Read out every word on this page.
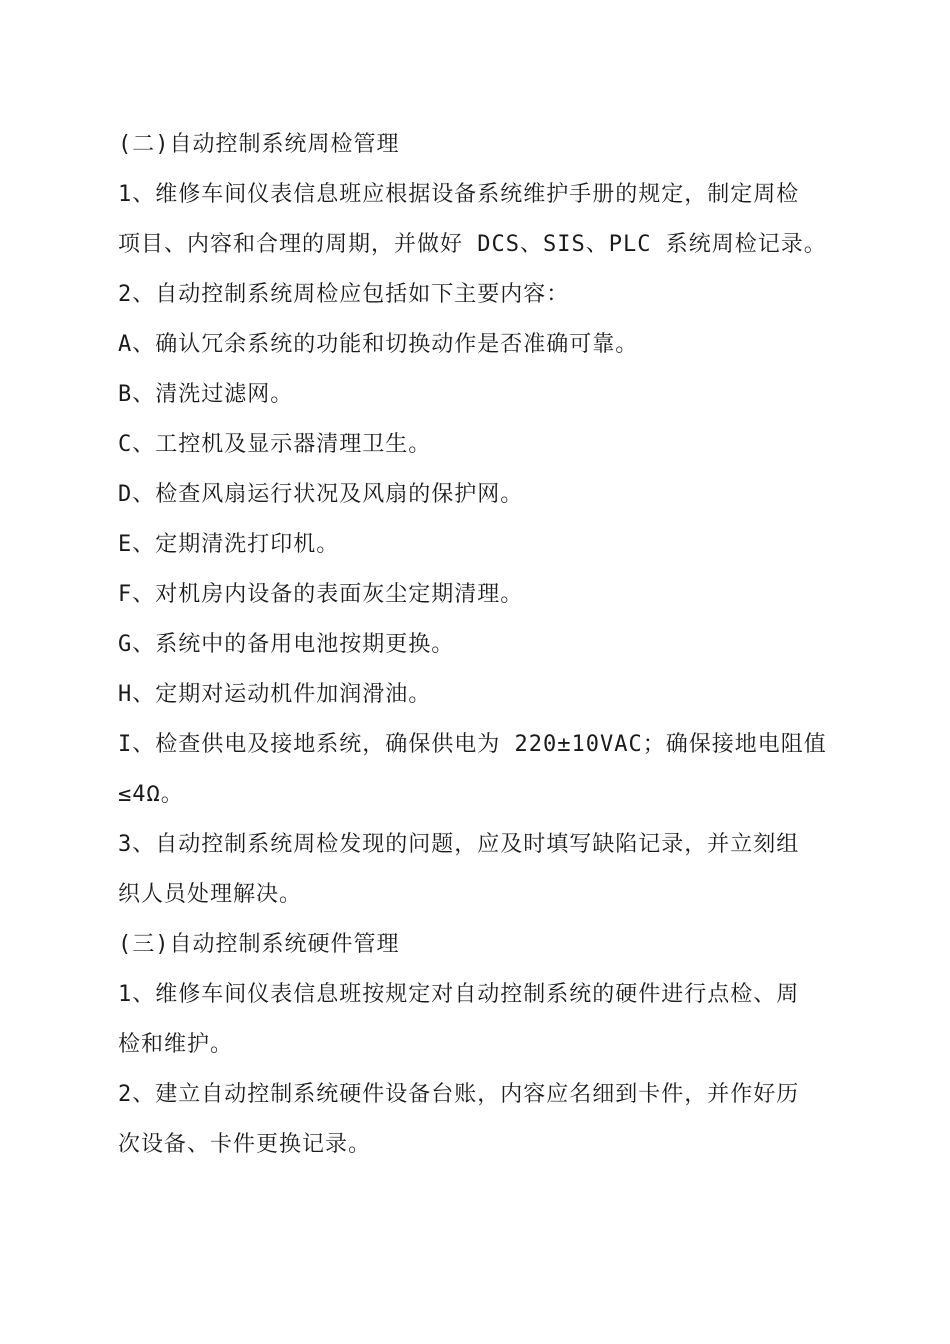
(二)自动控制系统周检管理
1、维修车间仪表信息班应根据设备系统维护手册的规定，制定周检
项目、内容和合理的周期，并做好 DCS、SIS、PLC 系统周检记录。
2、自动控制系统周检应包括如下主要内容：
A、确认冗余系统的功能和切换动作是否准确可靠。
B、清洗过滤网。
C、工控机及显示器清理卫生。
D、检查风扇运行状况及风扇的保护网。
E、定期清洗打印机。
F、对机房内设备的表面灰尘定期清理。
G、系统中的备用电池按期更换。
H、定期对运动机件加润滑油。
I、检查供电及接地系统，确保供电为 220±10VAC；确保接地电阻值
≤4Ω。
3、自动控制系统周检发现的问题，应及时填写缺陷记录，并立刻组
织人员处理解决。
(三)自动控制系统硬件管理
1、维修车间仪表信息班按规定对自动控制系统的硬件进行点检、周
检和维护。
2、建立自动控制系统硬件设备台账，内容应名细到卡件，并作好历
次设备、卡件更换记录。
